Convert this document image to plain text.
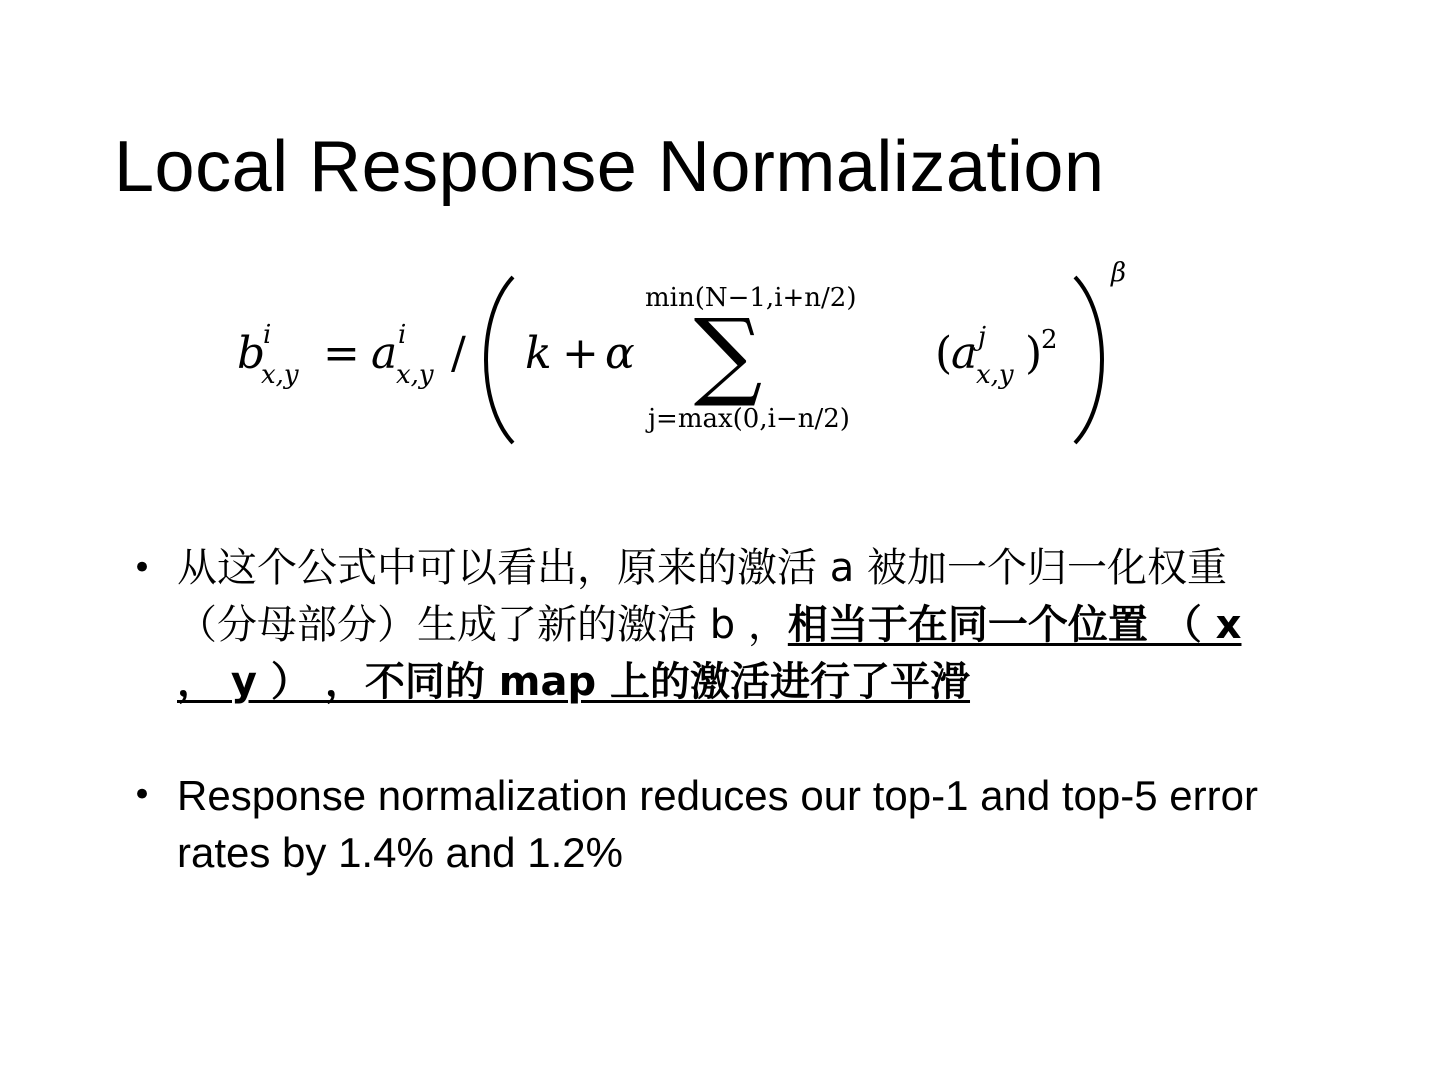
Local Response Normalization
b
i
x,y = a i
x,y / k + α
min(N−1,i+n/2)
∑
j=max(0,i−n/2)
(
a j
x,y )
2
β
• 从这个公式中可以看出，原来的激活 a 被加一个归一化权重（分母部分）生成了新的激活 b ，相当于在同一个位置 （ x ， y ） ，不同的 map 上的激活进行了平滑
• Response normalization reduces our top-1 and top-5 error rates by 1.4% and 1.2%
